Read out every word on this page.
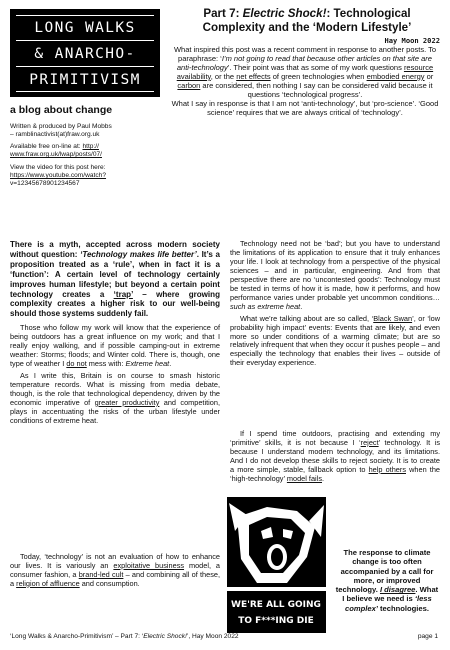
LONG WALKS
& ANARCHO-
PRIMITIVISM
a blog about change
Written & produced by Paul Mobbs
– ramblinactivist(at)fraw.org.uk
Available free on-line at: http://
www.fraw.org.uk/lwap/posts/07/
View the video for this post here:
https://www.youtube.com/watch?
v=12345678901234567
Part 7: Electric Shock!: Technological Complexity and the ‘Modern Lifestyle’
Hay Moon 2022
What inspired this post was a recent comment in response to another posts. To paraphrase: ‘I’m not going to read that because other articles on that site are anti-technology’. Their point was that as some of my work questions resource availability, or the net effects of green technologies when embodied energy or carbon are considered, then nothing I say can be considered valid because it questions ‘technological progress’.
What I say in response is that I am not ‘anti-technology’, but ‘pro-science’. ‘Good science’ requires that we are always critical of ‘technology’.

There is a myth, accepted across modern society without question: ‘Technology makes life better’. It’s a proposition treated as a ‘rule’, when in fact it is a ‘function’: A certain level of technology certainly improves human lifestyle; but beyond a certain point technology creates a ‘trap’ – where growing complexity creates a higher risk to our well-being should those systems suddenly fail.

Those who follow my work will know that the experience of being outdoors has a great influence on my work; and that I really enjoy walking, and if possible camping-out in extreme weather: Storms; floods; and Winter cold. There is, though, one type of weather I do not mess with: Extreme heat.

As I write this, Britain is on course to smash historic temperature records. What is missing from media debate, though, is the role that technological dependency, driven by the economic imperative of greater productivity and competition, plays in accentuating the risks of the urban lifestyle under conditions of extreme heat.

Today, ‘technology’ is not an evaluation of how to enhance our lives. It is variously an exploitative business model, a consumer fashion, a brand-led cult – and combining all of these, a religion of affluence and consumption.

Technology need not be ‘bad’; but you have to understand the limitations of its application to ensure that it truly enhances your life. I look at technology from a perspective of the physical sciences – and in particular, engineering. And from that perspective there are no ‘uncontested goods’: Technology must be tested in terms of how it is made, how it performs, and how performance varies under probable yet uncommon conditions… such as extreme heat.

What we’re talking about are so called, ‘Black Swan’, or ‘low probability high impact’ events: Events that are likely, and even more so under conditions of a warming climate; but are so relatively infrequent that when they occur it pushes people – and especially the technology that enables their lives – outside of their everyday experience.

If I spend time outdoors, practising and extending my ‘primitive’ skills, it is not because I ‘reject’ technology. It is because I understand modern technology, and its limitations. And I do not develop these skills to reject society. It is to create a more simple, stable, fallback option to help others when the ‘high-technology’ model fails.

WE'RE ALL GOING
TO F***ING DIE
The response to climate change is too often accompanied by a call for more, or improved technology. I disagree. What I believe we need is ‘less complex’ technologies.
‘Long Walks & Anarcho-Primitivism’ – Part 7: ‘Electric Shock!’, Hay Moon 2022	page 1
